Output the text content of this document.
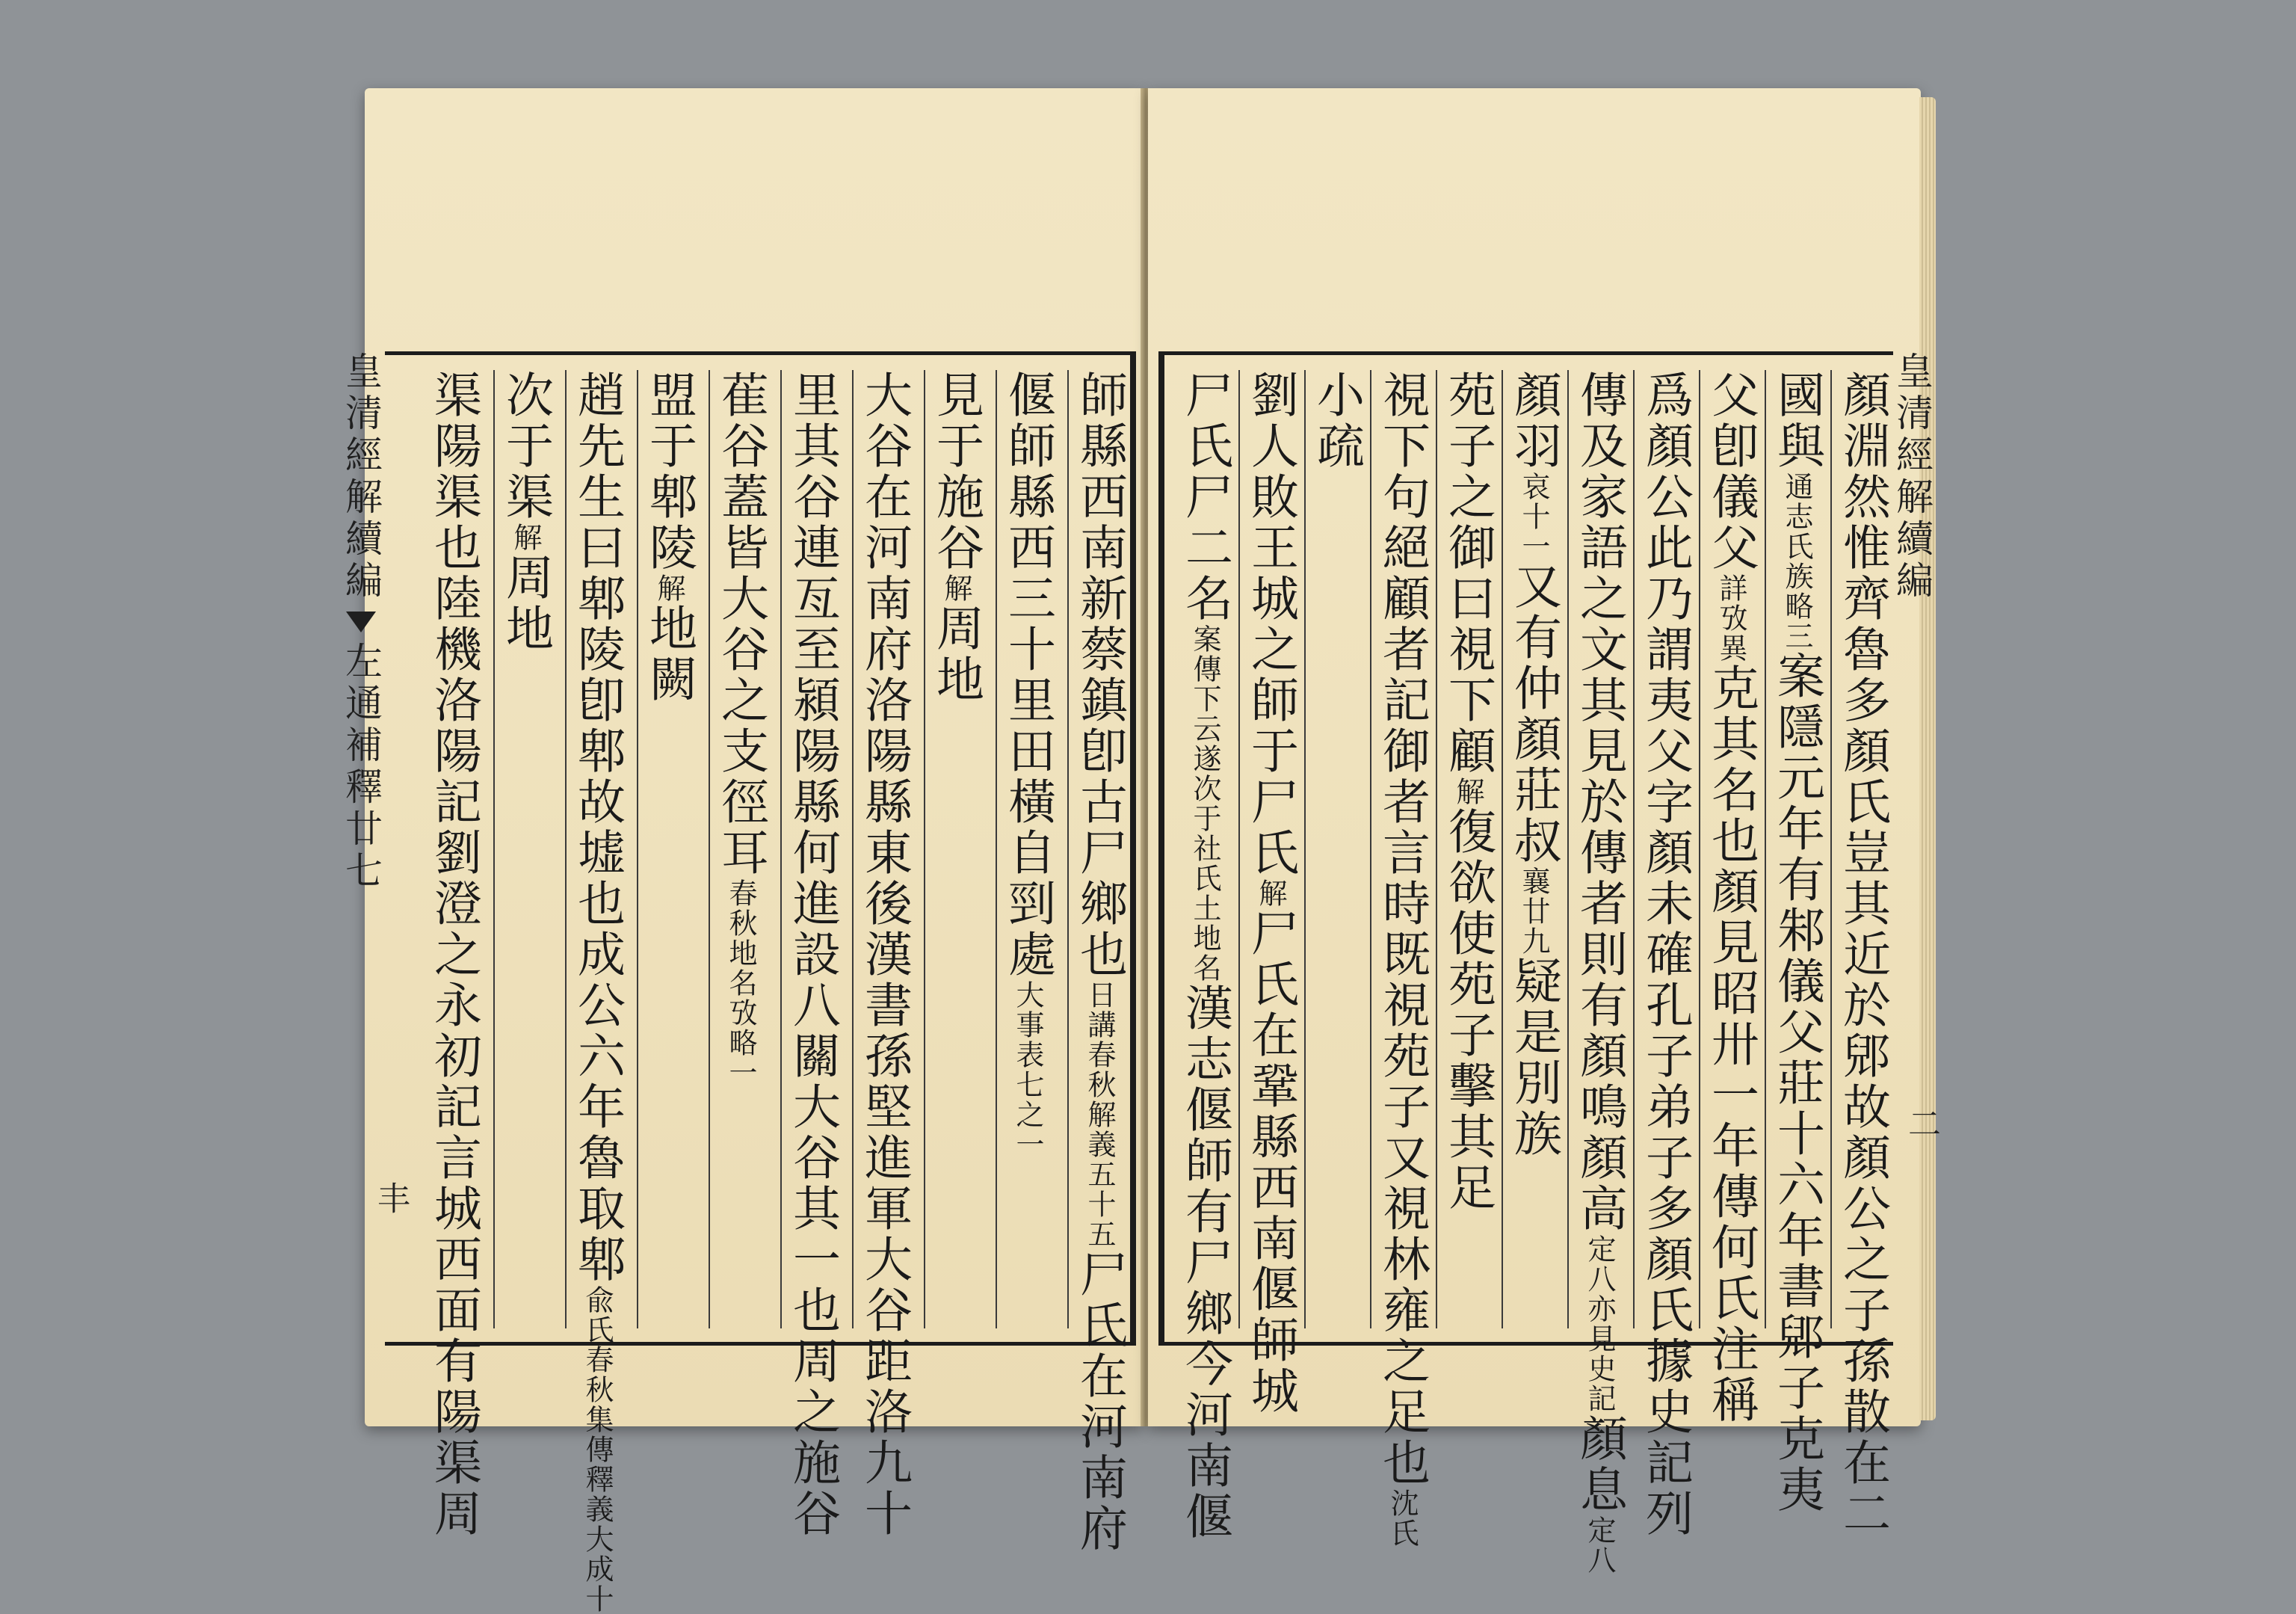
皇清經解續編
左通補釋廿七
丰
師縣西南新蔡鎮卽古尸鄉也
日講春秋解義五十五
尸氏在河南府
偃師縣西三十里田橫自剄處
大事表七之一
見于施谷
解
周地
大谷在河南府洛陽縣東後漢書孫堅進軍大谷距洛九十
里其谷連亙至潁陽縣何進設八關大谷其一也周之施谷
萑谷蓋皆大谷之支徑耳
春秋地名攷略一
盟于郫陵
解
地闕
趙先生曰郫陵卽郫故墟也成公六年魯取郫
兪氏春秋集傳釋義大成十
次于渠
解
周地
渠陽渠也陸機洛陽記劉澄之永初記言城西面有陽渠周	顏淵然惟齊魯多顏氏豈其近於郳故顏公之子孫散在二
國與
通志氏族略三
案隱元年有邾儀父莊十六年書郳子克夷
父卽儀父
詳攷異
克其名也顏見昭卅一年傳何氏注稱
爲顏公此乃謂夷父字顏未確孔子弟子多顏氏據史記列
傳及家語之文其見於傳者則有顏鳴顏高
定八亦見史記
顏息
定八
顏羽
哀十一
又有仲顏莊叔
襄廿九
疑是別族
苑子之御曰視下顧
解
復欲使苑子擊其足
視下句絕顧者記御者言時既視苑子又視林雍之足也
沈氏
小疏
劉人敗王城之師于尸氏
解
尸氏在鞏縣西南偃師城
尸氏尸二名
案傳下云遂次于社氏土地名
漢志偃師有尸鄉今河南偃
皇清經解續編
二
